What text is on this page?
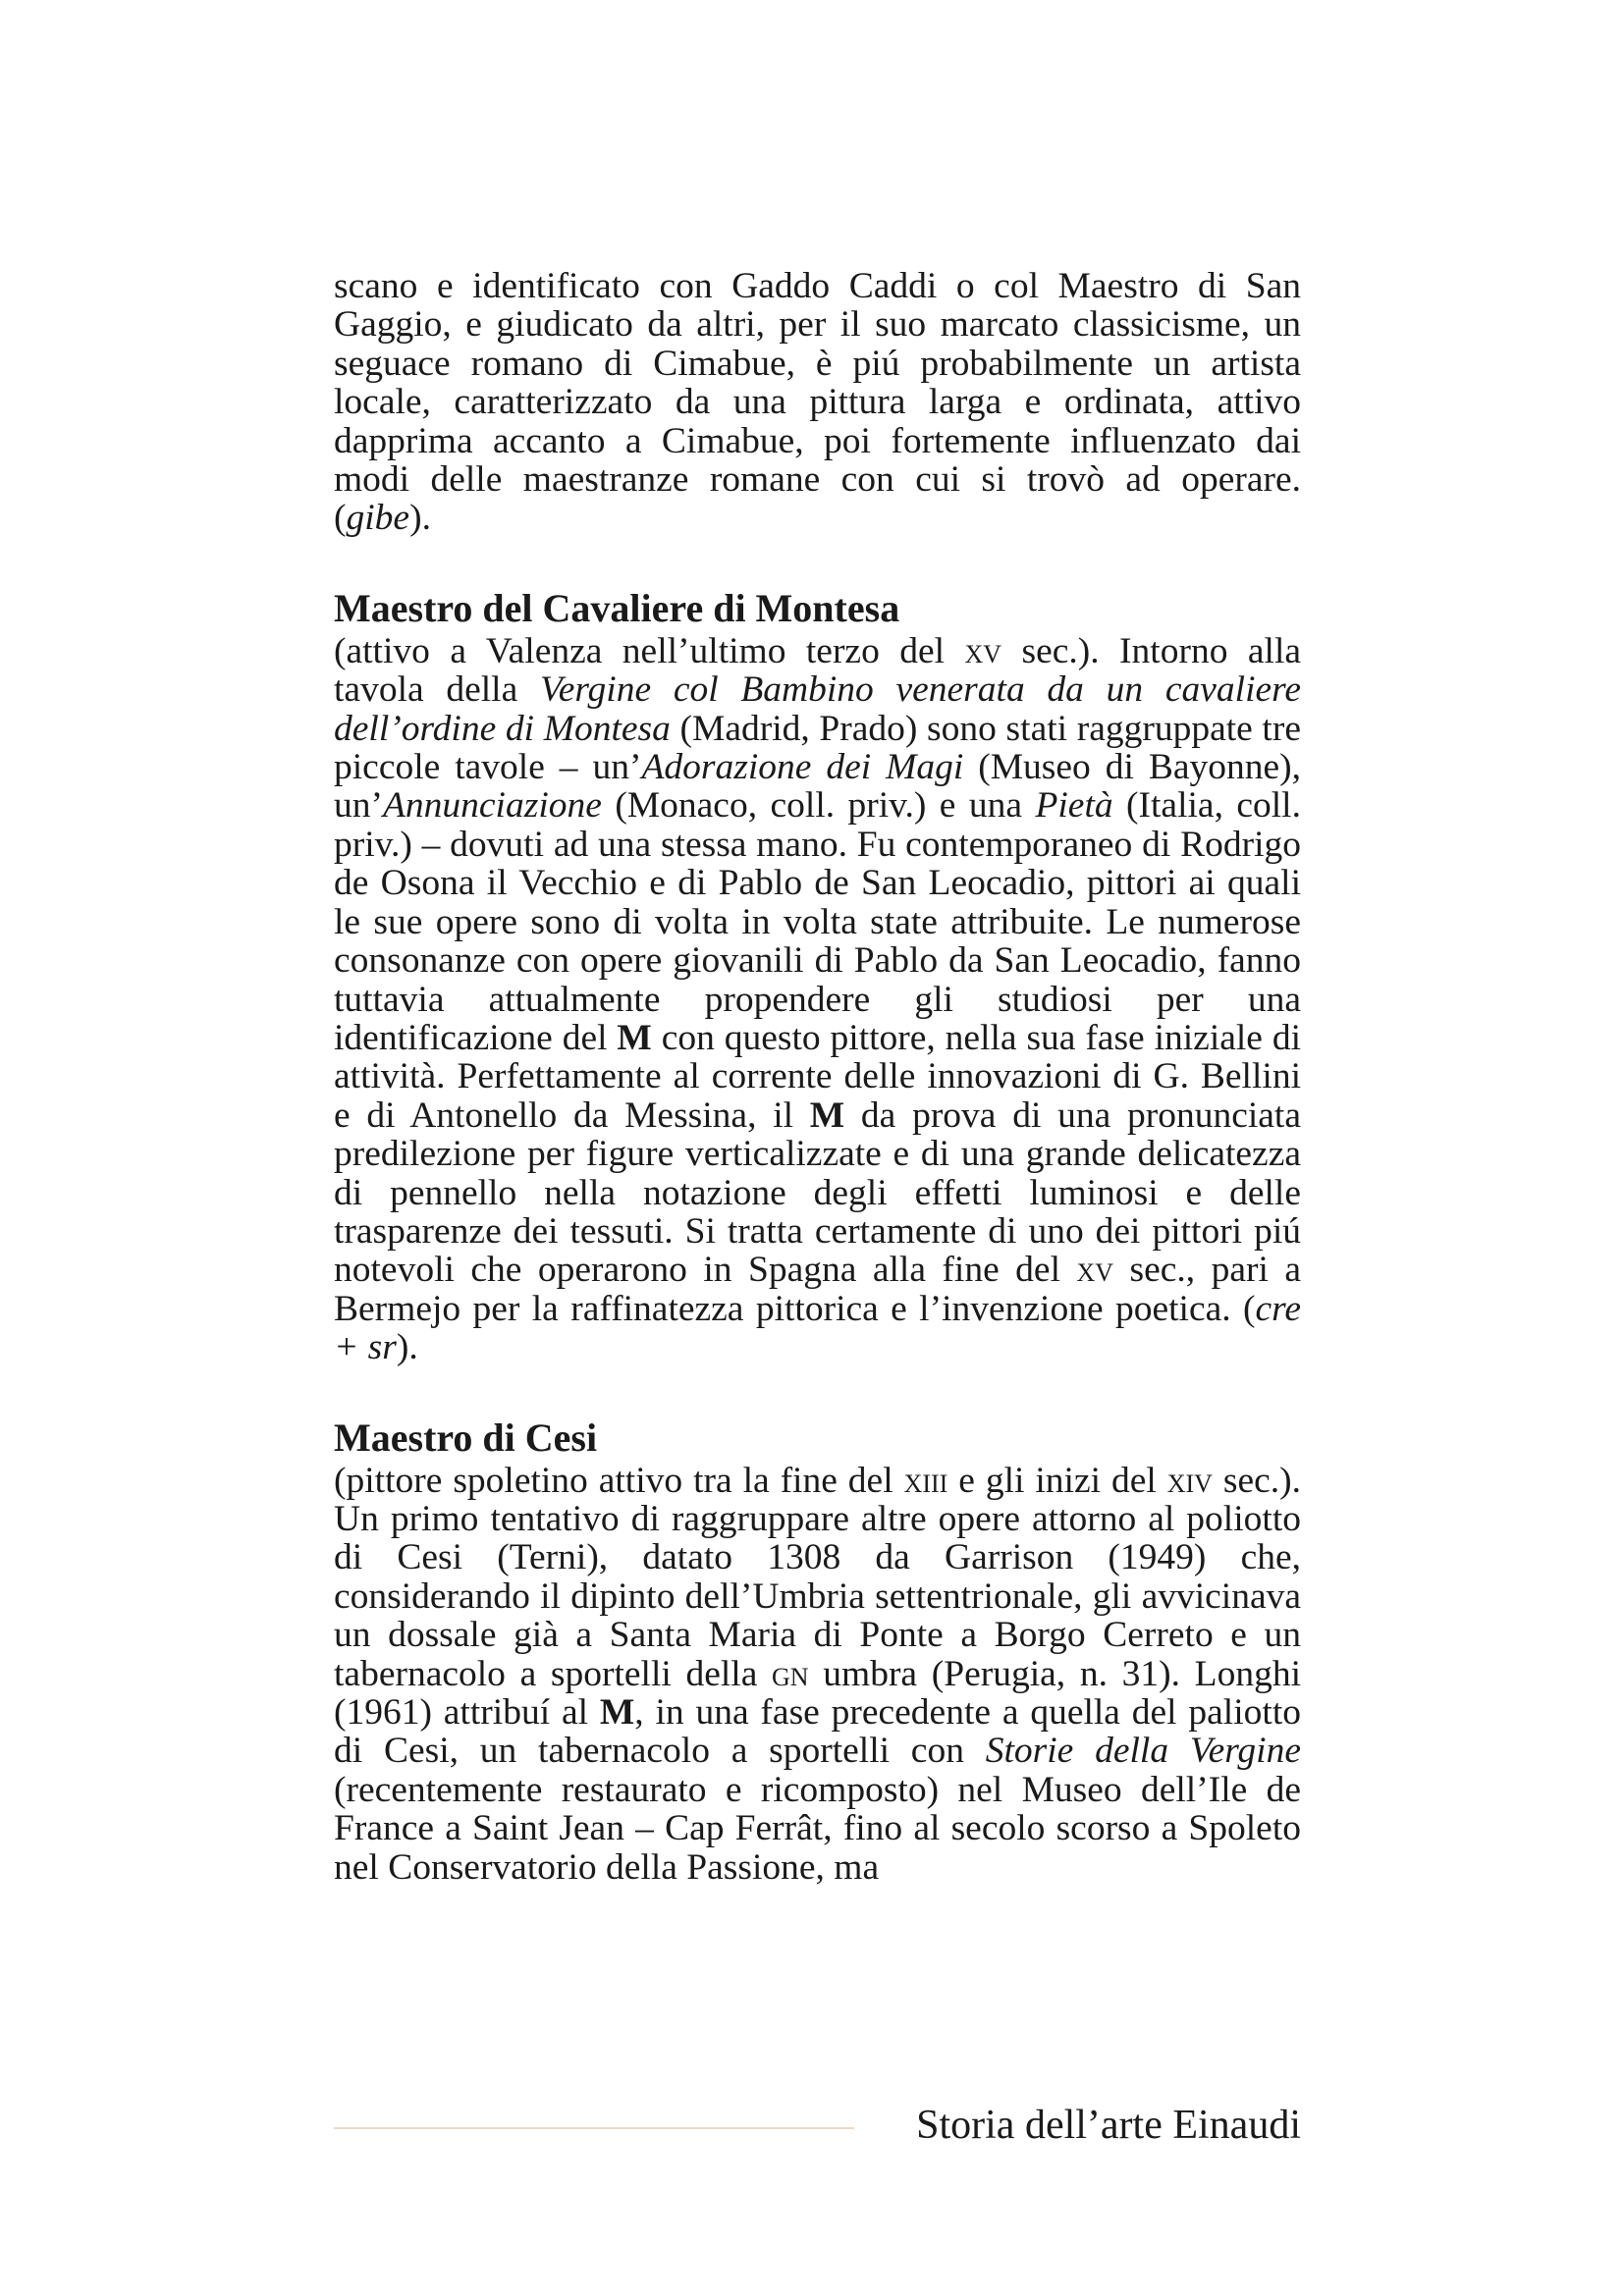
scano e identificato con Gaddo Caddi o col Maestro di San Gaggio, e giudicato da altri, per il suo marcato classicisme, un seguace romano di Cimabue, è piú probabilmente un artista locale, caratterizzato da una pittura larga e ordinata, attivo dapprima accanto a Cimabue, poi fortemente influenzato dai modi delle maestranze romane con cui si trovò ad operare. (gibe).

Maestro del Cavaliere di Montesa

(attivo a Valenza nell’ultimo terzo del xv sec.). Intorno alla tavola della Vergine col Bambino venerata da un cavaliere dell’ordine di Montesa (Madrid, Prado) sono stati raggruppate tre piccole tavole – un’Adorazione dei Magi (Museo di Bayonne), un’Annunciazione (Monaco, coll. priv.) e una Pietà (Italia, coll. priv.) – dovuti ad una stessa mano. Fu contemporaneo di Rodrigo de Osona il Vecchio e di Pablo de San Leocadio, pittori ai quali le sue opere sono di volta in volta state attribuite. Le numerose consonanze con opere giovanili di Pablo da San Leocadio, fanno tuttavia attualmente propendere gli studiosi per una identificazione del M con questo pittore, nella sua fase iniziale di attività. Perfettamente al corrente delle innovazioni di G. Bellini e di Antonello da Messina, il M da prova di una pronunciata predilezione per figure verticalizzate e di una grande delicatezza di pennello nella notazione degli effetti luminosi e delle trasparenze dei tessuti. Si tratta certamente di uno dei pittori piú notevoli che operarono in Spagna alla fine del xv sec., pari a Bermejo per la raffinatezza pittorica e l’invenzione poetica. (cre + sr).

Maestro di Cesi

(pittore spoletino attivo tra la fine del xiii e gli inizi del xiv sec.). Un primo tentativo di raggruppare altre opere attorno al poliotto di Cesi (Terni), datato 1308 da Garrison (1949) che, considerando il dipinto dell’Umbria settentrionale, gli avvicinava un dossale già a Santa Maria di Ponte a Borgo Cerreto e un tabernacolo a sportelli della gn umbra (Perugia, n. 31). Longhi (1961) attribuí al M, in una fase precedente a quella del paliotto di Cesi, un tabernacolo a sportelli con Storie della Vergine (recentemente restaurato e ricomposto) nel Museo dell’Ile de France a Saint Jean – Cap Ferrât, fino al secolo scorso a Spoleto nel Conservatorio della Passione, ma

Storia dell’arte Einaudi
